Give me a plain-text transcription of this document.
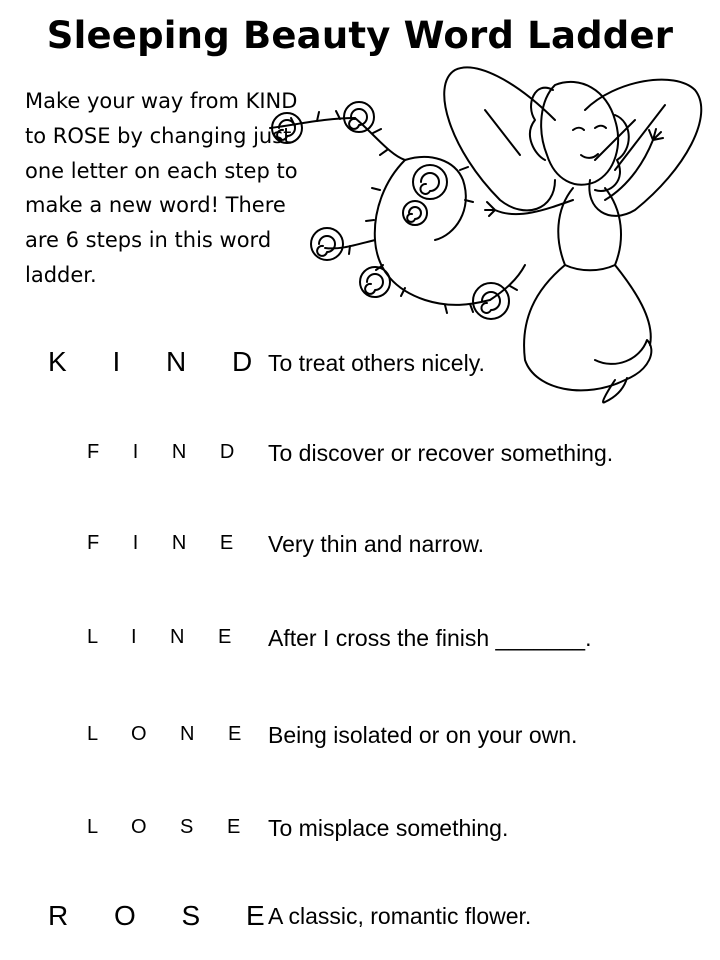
Sleeping Beauty Word Ladder

Make your way from KIND to ROSE by changing just one letter on each step to make a new word! There are 6 steps in this word ladder.

K I N D
To treat others nicely.
F I N D To discover or recover something.
F I N E Very thin and narrow.
L I N E After I cross the finish _______.
L O N E Being isolated or on your own.
L O S E To misplace something.
R O S E
A classic, romantic flower.
